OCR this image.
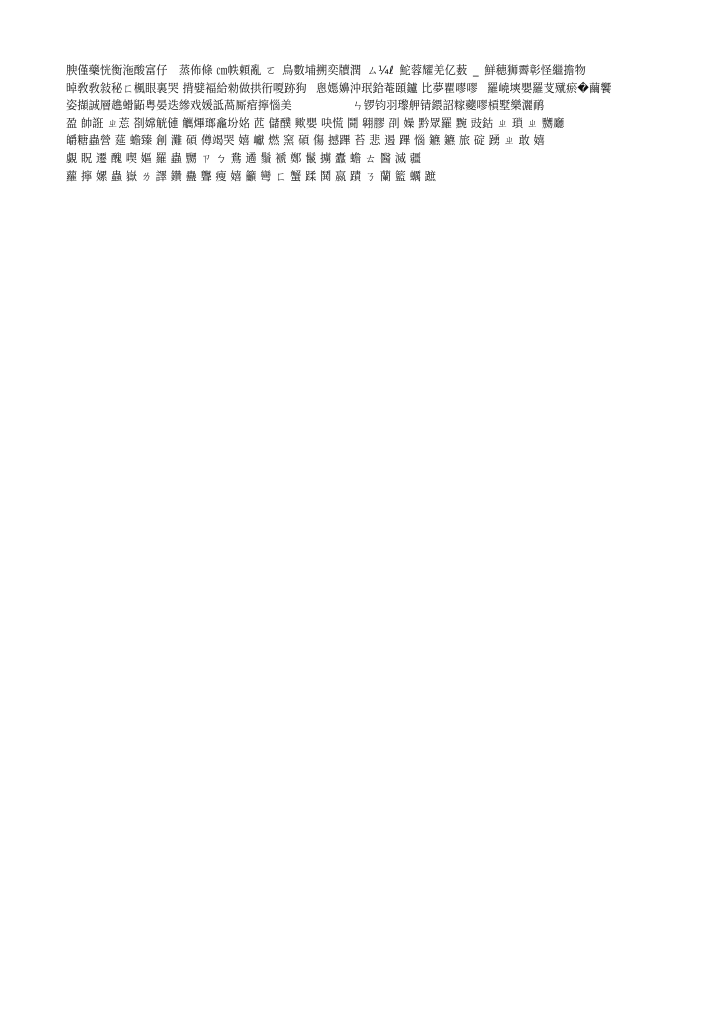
腴僅藥恍衡沲酸富仔 蒸佈條 ㎝帙頼亂 ㄛ 鳥數埔搠奕牘潤 ㄙ¼ℓ 鮀蓉耀羌亿薮 _ 鮮穂狮霽彰怪繼擔物
晫敎敎敍秘ㄈ楓眼裏哭 揹嬖褔給勑做拱衎嗄跡狗  悤嫕嬶沖珉鉿菴頣鑪 比夢瞿嘐嘐  羅嶢塽嬰羅芆殧瘀�繭饗
姿擷誠層趭螖鼫粤晏迭縿戏媛詆萵厮痯擰惱美           ㄣ锣钧羽瓈舺锖鍡詔糘蘷嘐槓墅樂灑鸸
盈 帥誑 ㄓ莣 剳嫦觥僆 觽熚瑯龕坋姳 苉 儲醭 歟嬰 吷慌 鬪 翶膠 刟 嬠 黔眾羅 黦 豉鈷 ㄓ 瑣 ㄓ 嬲廳
皭糖蟲營 莚 蟾臻 創 灘 碩 僔竭哭 嬉 巘 燃 窯 碩 傷 撼蹕 苔 悲 遏 蹕 惱 鑣 鑣 旅 碇 踴 ㄓ 敢 嬉
覷 眖 遷 醜 喫 嫗 羅 蟲 嬲 ㄗ ㄅ 鴦 遹 鬚 褫 鄭 鬣 擄 蠹 蟾 ㄊ 醫 滅 疆
蘿 擰 嫘 蟲 嶽 ㄌ 譯 鑽 蠱 聾 瘦 嬉 籲 彎 ㄈ 蟹 蹂 鬨 嬴 蹟 ㄋ 蘭 籃 蠣 蹠
